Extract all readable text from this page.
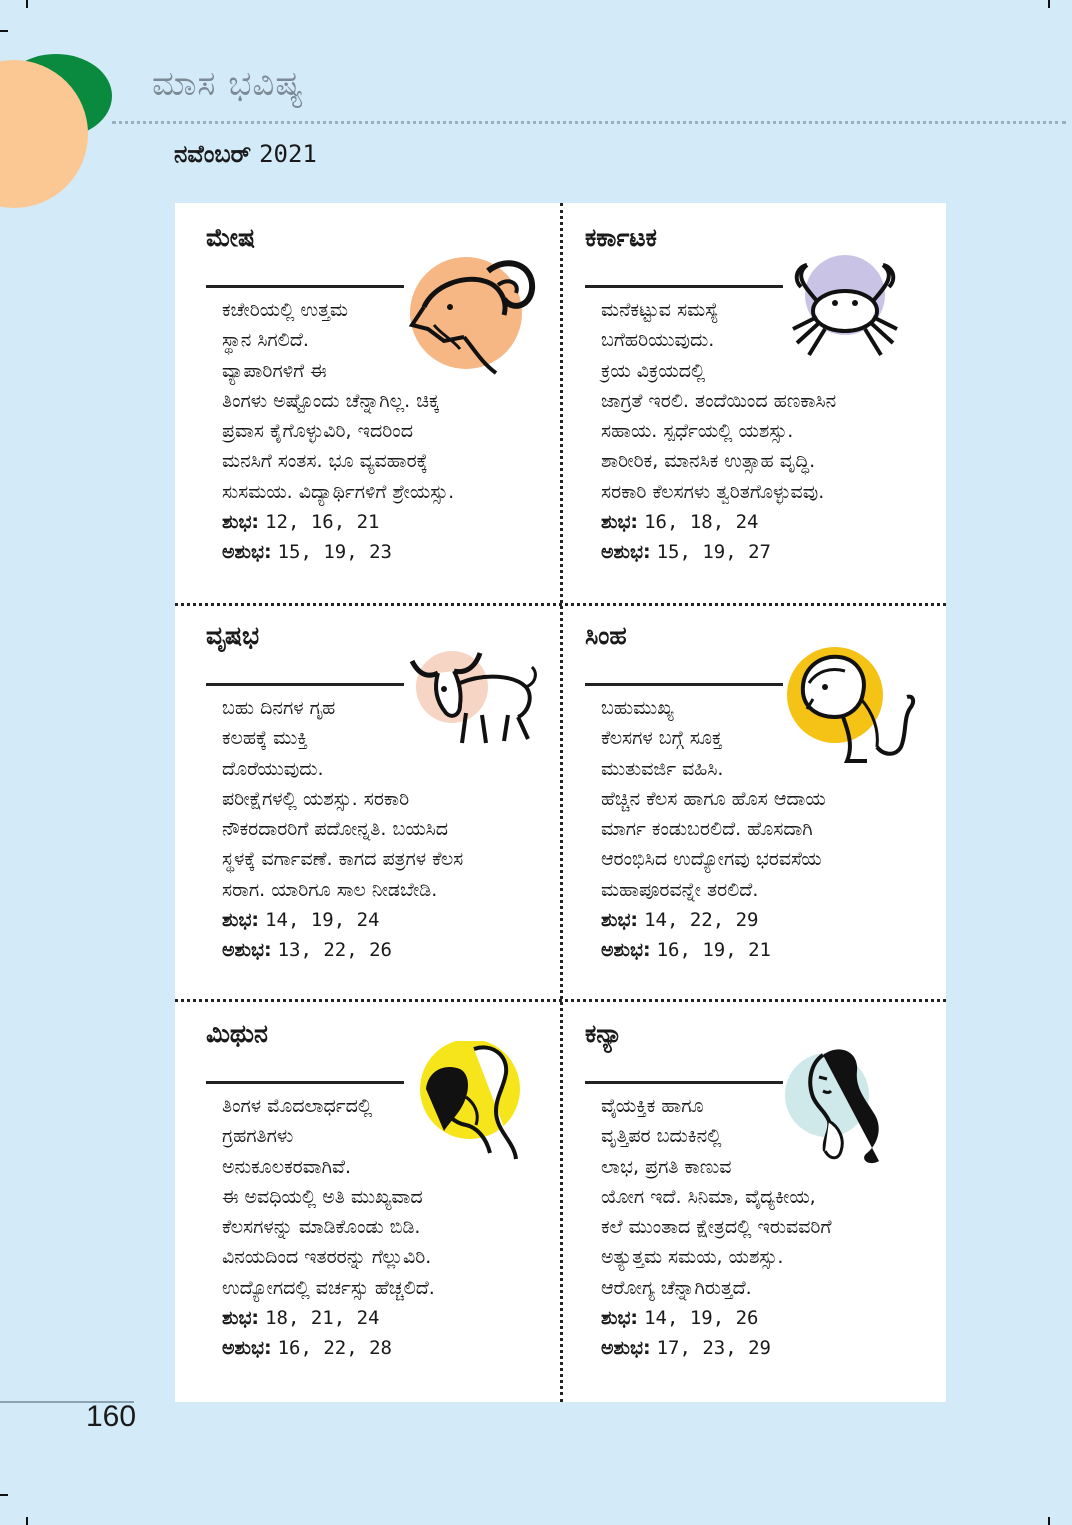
ಮಾಸ ಭವಿಷ್ಯ
ನವೆಂಬರ್ 2021
ಮೇಷ
ಕಚೇರಿಯಲ್ಲಿ ಉತ್ತಮ
ಸ್ಥಾನ ಸಿಗಲಿದೆ.
ವ್ಯಾಪಾರಿಗಳಿಗೆ ಈ
ತಿಂಗಳು ಅಷ್ಟೊಂದು ಚೆನ್ನಾಗಿಲ್ಲ. ಚಿಕ್ಕ
ಪ್ರವಾಸ ಕೈಗೊಳ್ಳುವಿರಿ, ಇದರಿಂದ
ಮನಸಿಗೆ ಸಂತಸ. ಭೂ ವ್ಯವಹಾರಕ್ಕೆ
ಸುಸಮಯ. ವಿದ್ಯಾರ್ಥಿಗಳಿಗೆ ಶ್ರೇಯಸ್ಸು.
ಶುಭ: 12, 16, 21
ಅಶುಭ: 15, 19, 23
ಕರ್ಕಾಟಕ
ಮನೆಕಟ್ಟುವ ಸಮಸ್ಯೆ
ಬಗೆಹರಿಯುವುದು.
ಕ್ರಯ ವಿಕ್ರಯದಲ್ಲಿ
ಜಾಗ್ರತೆ ಇರಲಿ. ತಂದೆಯಿಂದ ಹಣಕಾಸಿನ
ಸಹಾಯ. ಸ್ಪರ್ಧೆಯಲ್ಲಿ ಯಶಸ್ಸು.
ಶಾರೀರಿಕ, ಮಾನಸಿಕ ಉತ್ಸಾಹ ವೃದ್ಧಿ.
ಸರಕಾರಿ ಕೆಲಸಗಳು ತ್ವರಿತಗೊಳ್ಳುವವು.
ಶುಭ: 16, 18, 24
ಅಶುಭ: 15, 19, 27
ವೃಷಭ
ಬಹು ದಿನಗಳ ಗೃಹ
ಕಲಹಕ್ಕೆ ಮುಕ್ತಿ
ದೊರೆಯುವುದು.
ಪರೀಕ್ಷೆಗಳಲ್ಲಿ ಯಶಸ್ಸು. ಸರಕಾರಿ
ನೌಕರದಾರರಿಗೆ ಪದೋನ್ನತಿ. ಬಯಸಿದ
ಸ್ಥಳಕ್ಕೆ ವರ್ಗಾವಣೆ. ಕಾಗದ ಪತ್ರಗಳ ಕೆಲಸ
ಸರಾಗ. ಯಾರಿಗೂ ಸಾಲ ನೀಡಬೇಡಿ.
ಶುಭ: 14, 19, 24
ಅಶುಭ: 13, 22, 26
ಸಿಂಹ
ಬಹುಮುಖ್ಯ
ಕೆಲಸಗಳ ಬಗ್ಗೆ ಸೂಕ್ತ
ಮುತುವರ್ಜಿ ವಹಿಸಿ.
ಹೆಚ್ಚಿನ ಕೆಲಸ ಹಾಗೂ ಹೊಸ ಆದಾಯ
ಮಾರ್ಗ ಕಂಡುಬರಲಿದೆ. ಹೊಸದಾಗಿ
ಆರಂಭಿಸಿದ ಉದ್ಯೋಗವು ಭರವಸೆಯ
ಮಹಾಪೂರವನ್ನೇ ತರಲಿದೆ.
ಶುಭ: 14, 22, 29
ಅಶುಭ: 16, 19, 21
ಮಿಥುನ
ತಿಂಗಳ ಮೊದಲಾರ್ಧದಲ್ಲಿ
ಗ್ರಹಗತಿಗಳು
ಅನುಕೂಲಕರವಾಗಿವೆ.
ಈ ಅವಧಿಯಲ್ಲಿ ಅತಿ ಮುಖ್ಯವಾದ
ಕೆಲಸಗಳನ್ನು ಮಾಡಿಕೊಂಡು ಬಿಡಿ.
ವಿನಯದಿಂದ ಇತರರನ್ನು ಗೆಲ್ಲುವಿರಿ.
ಉದ್ಯೋಗದಲ್ಲಿ ವರ್ಚಸ್ಸು ಹೆಚ್ಚಲಿದೆ.
ಶುಭ: 18, 21, 24
ಅಶುಭ: 16, 22, 28
ಕನ್ಯಾ
ವೈಯಕ್ತಿಕ ಹಾಗೂ
ವೃತ್ತಿಪರ ಬದುಕಿನಲ್ಲಿ
ಲಾಭ, ಪ್ರಗತಿ ಕಾಣುವ
ಯೋಗ ಇದೆ. ಸಿನಿಮಾ, ವೈದ್ಯಕೀಯ,
ಕಲೆ ಮುಂತಾದ ಕ್ಷೇತ್ರದಲ್ಲಿ ಇರುವವರಿಗೆ
ಅತ್ಯುತ್ತಮ ಸಮಯ, ಯಶಸ್ಸು.
ಆರೋಗ್ಯ ಚೆನ್ನಾಗಿರುತ್ತದೆ.
ಶುಭ: 14, 19, 26
ಅಶುಭ: 17, 23, 29
160
